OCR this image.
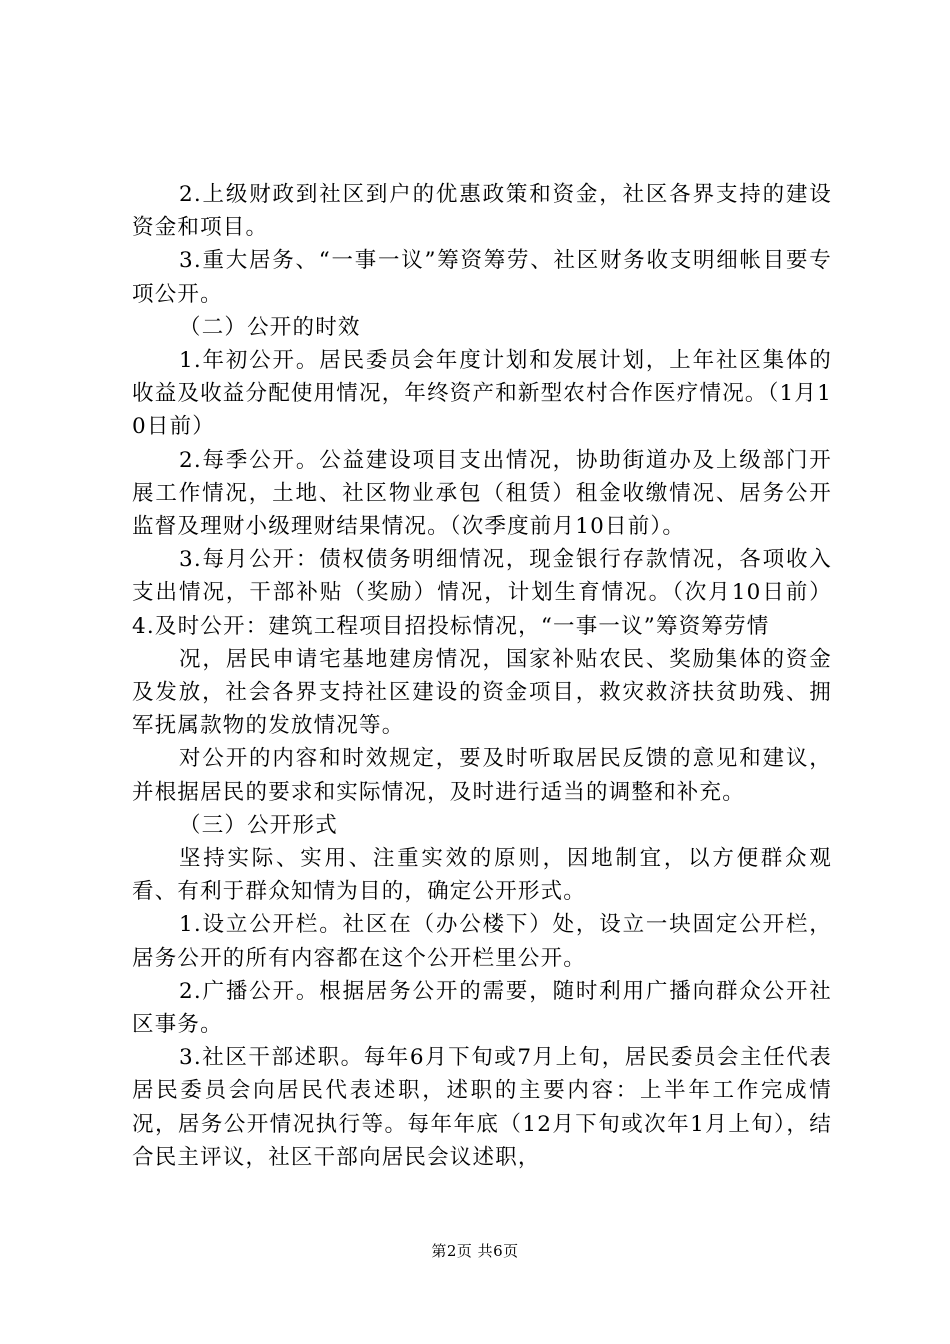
2.上级财政到社区到户的优惠政策和资金，社区各界支持的建设资金和项目。

3.重大居务、“一事一议”筹资筹劳、社区财务收支明细帐目要专项公开。

（二）公开的时效

1.年初公开。居民委员会年度计划和发展计划，上年社区集体的收益及收益分配使用情况，年终资产和新型农村合作医疗情况。（1月10日前）

2.每季公开。公益建设项目支出情况，协助街道办及上级部门开展工作情况，土地、社区物业承包（租赁）租金收缴情况、居务公开监督及理财小级理财结果情况。（次季度前月10日前）。

3.每月公开：债权债务明细情况，现金银行存款情况，各项收入支出情况，干部补贴（奖励）情况，计划生育情况。（次月10日前）4.及时公开：建筑工程项目招投标情况，“一事一议”筹资筹劳情

况，居民申请宅基地建房情况，国家补贴农民、奖励集体的资金及发放，社会各界支持社区建设的资金项目，救灾救济扶贫助残、拥军抚属款物的发放情况等。

对公开的内容和时效规定，要及时听取居民反馈的意见和建议，并根据居民的要求和实际情况，及时进行适当的调整和补充。

（三）公开形式

坚持实际、实用、注重实效的原则，因地制宜，以方便群众观看、有利于群众知情为目的，确定公开形式。

1.设立公开栏。社区在（办公楼下）处，设立一块固定公开栏，居务公开的所有内容都在这个公开栏里公开。

2.广播公开。根据居务公开的需要，随时利用广播向群众公开社区事务。

3.社区干部述职。每年6月下旬或7月上旬，居民委员会主任代表居民委员会向居民代表述职，述职的主要内容：上半年工作完成情况，居务公开情况执行等。每年年底（12月下旬或次年1月上旬），结合民主评议，社区干部向居民会议述职，

第2页 共6页
